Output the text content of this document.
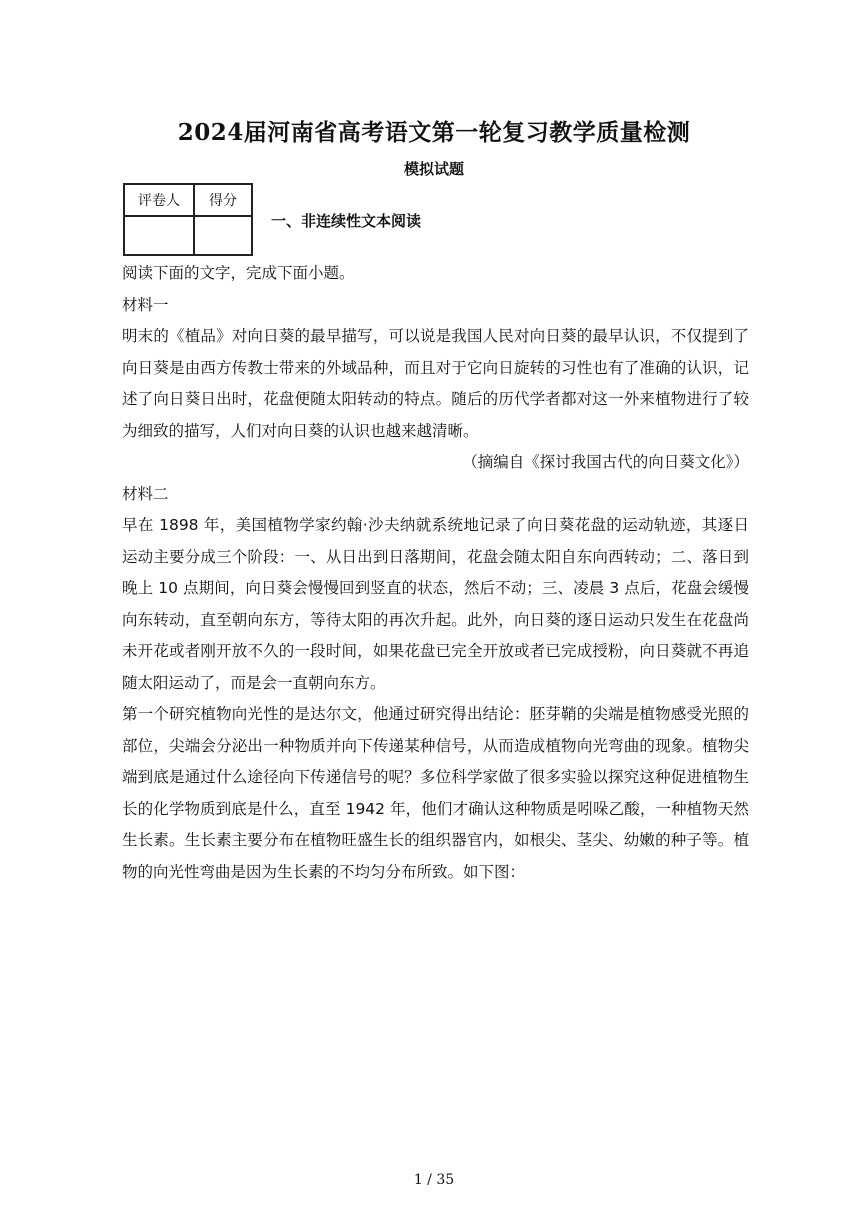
2024届河南省高考语文第一轮复习教学质量检测
模拟试题
评卷人	得分

一、非连续性文本阅读

阅读下面的文字，完成下面小题。

材料一

明末的《植品》对向日葵的最早描写，可以说是我国人民对向日葵的最早认识，不仅提到了向日葵是由西方传教士带来的外域品种，而且对于它向日旋转的习性也有了准确的认识，记述了向日葵日出时，花盘便随太阳转动的特点。随后的历代学者都对这一外来植物进行了较为细致的描写，人们对向日葵的认识也越来越清晰。

（摘编自《探讨我国古代的向日葵文化》）

材料二

早在 1898 年，美国植物学家约翰·沙夫纳就系统地记录了向日葵花盘的运动轨迹，其逐日运动主要分成三个阶段：一、从日出到日落期间，花盘会随太阳自东向西转动；二、落日到晚上 10 点期间，向日葵会慢慢回到竖直的状态，然后不动；三、凌晨 3 点后，花盘会缓慢向东转动，直至朝向东方，等待太阳的再次升起。此外，向日葵的逐日运动只发生在花盘尚未开花或者刚开放不久的一段时间，如果花盘已完全开放或者已完成授粉，向日葵就不再追随太阳运动了，而是会一直朝向东方。

第一个研究植物向光性的是达尔文，他通过研究得出结论：胚芽鞘的尖端是植物感受光照的部位，尖端会分泌出一种物质并向下传递某种信号，从而造成植物向光弯曲的现象。植物尖端到底是通过什么途径向下传递信号的呢？多位科学家做了很多实验以探究这种促进植物生长的化学物质到底是什么，直至 1942 年，他们才确认这种物质是吲哚乙酸，一种植物天然生长素。生长素主要分布在植物旺盛生长的组织器官内，如根尖、茎尖、幼嫩的种子等。植物的向光性弯曲是因为生长素的不均匀分布所致。如下图：

1 / 35
